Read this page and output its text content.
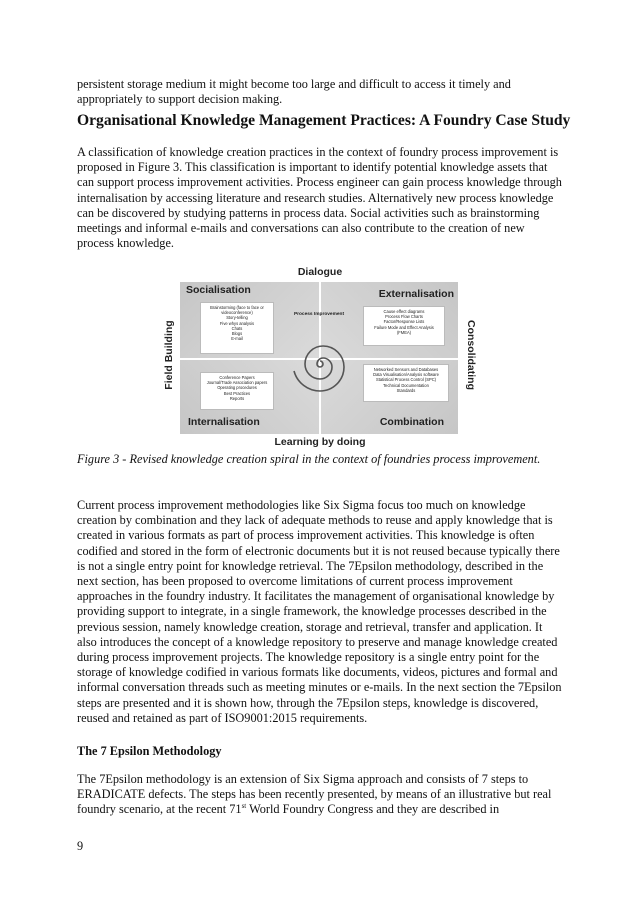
persistent storage medium it might become too large and difficult to access it timely and appropriately to support decision making.

Organisational Knowledge Management Practices: A Foundry Case Study

A classification of knowledge creation practices in the context of foundry process improvement is proposed in Figure 3. This classification is important to identify potential knowledge assets that can support process improvement activities. Process engineer can gain process knowledge through internalisation by accessing literature and research studies. Alternatively new process knowledge can be discovered by studying patterns in process data. Social activities such as brainstorming meetings and informal e-mails and conversations can also contribute to the creation of new process knowledge.

Dialogue
Field Building	Consolidating
Socialisation
Brainstorming (face to face or
videoconference)
Story-telling
Five whys analysis
Chats
Blogs
E-mail
Externalisation
Cause effect diagrams
Process Flow Charts
Factor/Response Lists
Failure Mode and Effect Analysis
(FMEA)
Conference Papers
Journal/Trade Association papers
Operating procedures
Best Practices
Reports
Internalisation
Networked Sensors and Databases
Data Visualisation/Analysis software
Statistical Process Control (SPC)
Technical Documentation
Standards
Combination
Process Improvement
Learning by doing

Figure 3 - Revised knowledge creation spiral in the context of foundries process improvement.

Current process improvement methodologies like Six Sigma focus too much on knowledge creation by combination and they lack of adequate methods to reuse and apply knowledge that is created in various formats as part of process improvement activities. This knowledge is often codified and stored in the form of electronic documents but it is not reused because typically there is not a single entry point for knowledge retrieval. The 7Epsilon methodology, described in the next section, has been proposed to overcome limitations of current process improvement approaches in the foundry industry. It facilitates the management of organisational knowledge by providing support to integrate, in a single framework, the knowledge processes described in the previous session, namely knowledge creation, storage and retrieval, transfer and application. It also introduces the concept of a knowledge repository to preserve and manage knowledge created during process improvement projects. The knowledge repository is a single entry point for the storage of knowledge codified in various formats like documents, videos, pictures and formal and informal conversation threads such as meeting minutes or e-mails. In the next section the 7Epsilon steps are presented and it is shown how, through the 7Epsilon steps, knowledge is discovered, reused and retained as part of ISO9001:2015 requirements.

The 7 Epsilon Methodology

The 7Epsilon methodology is an extension of Six Sigma approach and consists of 7 steps to ERADICATE defects. The steps has been recently presented, by means of an illustrative but real foundry scenario, at the recent 71st World Foundry Congress and they are described in

9
